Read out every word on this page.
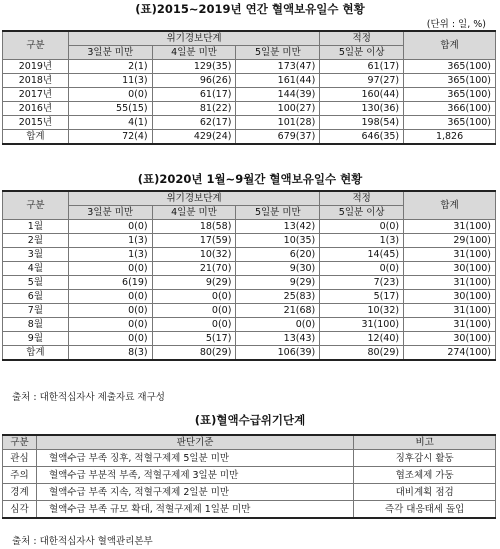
(표)2015~2019년 연간 혈액보유일수 현황
(단위 : 일, %)
구분	위기경보단계			적정	합계
	3일분 미만	4일분 미만	5일분 미만	5일분 이상	
2019년	2(1)	129(35)	173(47)	61(17)	365(100)
2018년	11(3)	96(26)	161(44)	97(27)	365(100)
2017년	0(0)	61(17)	144(39)	160(44)	365(100)
2016년	55(15)	81(22)	100(27)	130(36)	366(100)
2015년	4(1)	62(17)	101(28)	198(54)	365(100)
합계	72(4)	429(24)	679(37)	646(35)	1,826
(표)2020년 1월~9월간 혈액보유일수 현황
구분	위기경보단계			적정	합계
	3일분 미만	4일분 미만	5일분 미만	5일분 이상	
1월	0(0)	18(58)	13(42)	0(0)	31(100)
2월	1(3)	17(59)	10(35)	1(3)	29(100)
3월	1(3)	10(32)	6(20)	14(45)	31(100)
4월	0(0)	21(70)	9(30)	0(0)	30(100)
5월	6(19)	9(29)	9(29)	7(23)	31(100)
6월	0(0)	0(0)	25(83)	5(17)	30(100)
7월	0(0)	0(0)	21(68)	10(32)	31(100)
8월	0(0)	0(0)	0(0)	31(100)	31(100)
9월	0(0)	5(17)	13(43)	12(40)	30(100)
합계	8(3)	80(29)	106(39)	80(29)	274(100)
출처 : 대한적십자사 제출자료 재구성
(표)혈액수급위기단계
구분	판단기준	비고
관심	혈액수급 부족 징후, 적혈구제제 5일분 미만	징후감시 활동
주의	혈액수급 부분적 부족, 적혈구제제 3일분 미만	협조체제 가동
경계	혈액수급 부족 지속, 적혈구제제 2일분 미만	대비계획 점검
심각	혈액수급 부족 규모 확대, 적혈구제제 1일분 미만	즉각 대응태세 돌입
출처 : 대한적십자사 혈액관리본부
